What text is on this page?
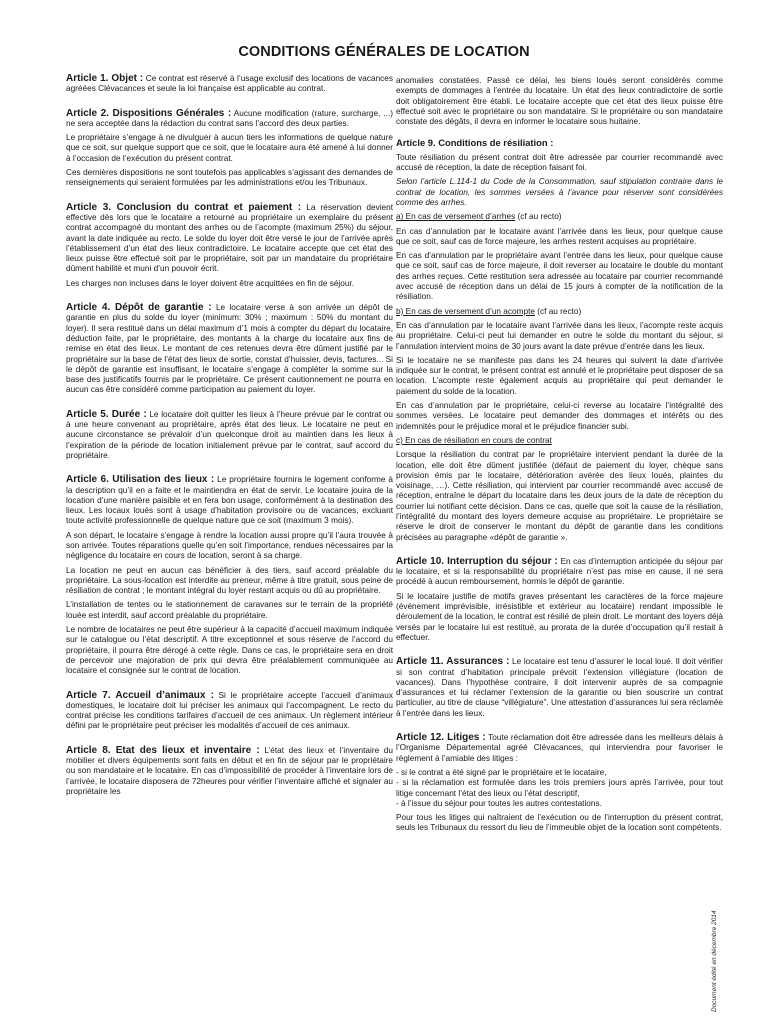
CONDITIONS GÉNÉRALES DE LOCATION

Article 1. Objet : Ce contrat est réservé à l’usage exclusif des locations de vacances agréées Clévacances et seule la loi française est applicable au contrat.

Article 2. Dispositions Générales : Aucune modification (rature, surcharge, ...) ne sera acceptée dans la rédaction du contrat sans l’accord des deux parties.

Le propriétaire s’engage à ne divulguer à aucun tiers les informations de quelque nature que ce soit, sur quelque support que ce soit, que le locataire aura été amené à lui donner à l’occasion de l’exécution du présent contrat.

Ces dernières dispositions ne sont toutefois pas applicables s’agissant des demandes de renseignements qui seraient formulées par les administrations et/ou les Tribunaux.

Article 3. Conclusion du contrat et paiement : La réservation devient effective dès lors que le locataire a retourné au propriétaire un exemplaire du présent contrat accompagné du montant des arrhes ou de l’acompte (maximum 25%) du séjour, avant la date indiquée au recto. Le solde du loyer doit être versé le jour de l’arrivée après l’établissement d’un état des lieux contradictoire. Le locataire accepte que cet état des lieux puisse être effectué soit par le propriétaire, soit par un mandataire du propriétaire dûment habilité et muni d’un pouvoir écrit.

Les charges non incluses dans le loyer doivent être acquittées en fin de séjour.

Article 4. Dépôt de garantie : Le locataire verse à son arrivée un dépôt de garantie en plus du solde du loyer (minimum: 30% ; maximum : 50% du montant du loyer). Il sera restitué dans un délai maximum d’1 mois à compter du départ du locataire, déduction faite, par le propriétaire, des montants à la charge du locataire aux fins de remise en état des lieux. Le montant de ces retenues devra être dûment justifié par le propriétaire sur la base de l’état des lieux de sortie, constat d’huissier, devis, factures... Si le dépôt de garantie est insuffisant, le locataire s’engage à compléter la somme sur la base des justificatifs fournis par le propriétaire. Ce présent cautionnement ne pourra en aucun cas être considéré comme participation au paiement du loyer.

Article 5. Durée : Le locataire doit quitter les lieux à l’heure prévue par le contrat ou à une heure convenant au propriétaire, après état des lieux. Le locataire ne peut en aucune circonstance se prévaloir d’un quelconque droit au maintien dans les lieux à l’expiration de la période de location initialement prévue par le contrat, sauf accord du propriétaire.

Article 6. Utilisation des lieux : Le propriétaire fournira le logement conforme à la description qu’il en a faite et le maintiendra en état de servir. Le locataire jouira de la location d’une manière paisible et en fera bon usage, conformément à la destination des lieux. Les locaux loués sont à usage d’habitation provisoire ou de vacances, excluant toute activité professionnelle de quelque nature que ce soit (maximum 3 mois).

A son départ, le locataire s’engage à rendre la location aussi propre qu’il l’aura trouvée à son arrivée. Toutes réparations quelle qu’en soit l’importance, rendues nécessaires par la négligence du locataire en cours de location, seront à sa charge.

La location ne peut en aucun cas bénéficier à des tiers, sauf accord préalable du propriétaire. La sous-location est interdite au preneur, même à titre gratuit, sous peine de résiliation de contrat ; le montant intégral du loyer restant acquis ou dû au propriétaire.

L’installation de tentes ou le stationnement de caravanes sur le terrain de la propriété louée est interdit, sauf accord préalable du propriétaire.

Le nombre de locataires ne peut être supérieur à la capacité d’accueil maximum indiquée sur le catalogue ou l’état descriptif. A titre exceptionnel et sous réserve de l’accord du propriétaire, il pourra être dérogé à cette règle. Dans ce cas, le propriétaire sera en droit de percevoir une majoration de prix qui devra être préalablement communiquée au locataire et consignée sur le contrat de location.

Article 7. Accueil d’animaux : Si le propriétaire accepte l’accueil d’animaux domestiques, le locataire doit lui préciser les animaux qui l’accompagnent. Le recto du contrat précise les conditions tarifaires d’accueil de ces animaux. Un règlement intérieur défini par le propriétaire peut préciser les modalités d’accueil de ces animaux.

Article 8. Etat des lieux et inventaire : L’état des lieux et l’inventaire du mobilier et divers équipements sont faits en début et en fin de séjour par le propriétaire ou son mandataire et le locataire. En cas d’impossibilité de procéder à l’inventaire lors de l’arrivée, le locataire disposera de 72heures pour vérifier l’inventaire affiché et signaler au propriétaire les

anomalies constatées. Passé ce délai, les biens loués seront considérés comme exempts de dommages à l’entrée du locataire. Un état des lieux contradictoire de sortie doit obligatoirement être établi. Le locataire accepte que cet état des lieux puisse être effectué soit avec le propriétaire ou son mandataire. Si le propriétaire ou son mandataire constate des dégâts, il devra en informer le locataire sous huitaine.

Article 9. Conditions de résiliation :

Toute résiliation du présent contrat doit être adressée par courrier recommandé avec accusé de réception, la date de réception faisant foi.

Selon l’article L.114-1 du Code de la Consommation, sauf stipulation contraire dans le contrat de location, les sommes versées à l’avance pour réserver sont considérées comme des arrhes.

a) En cas de versement d’arrhes (cf au recto)

En cas d’annulation par le locataire avant l’arrivée dans les lieux, pour quelque cause que ce soit, sauf cas de force majeure, les arrhes restent acquises au propriétaire.

En cas d’annulation par le propriétaire avant l’entrée dans les lieux, pour quelque cause que ce soit, sauf cas de force majeure, il doit reverser au locataire le double du montant des arrhes reçues. Cette restitution sera adressée au locataire par courrier recommandé avec accusé de réception dans un délai de 15 jours à compter de la notification de la résiliation.

b) En cas de versement d’un acompte (cf au recto)

En cas d’annulation par le locataire avant l’arrivée dans les lieux, l’acompte reste acquis au propriétaire. Celui-ci peut lui demander en outre le solde du montant du séjour, si l’annulation intervient moins de 30 jours avant la date prévue d’entrée dans les lieux.

Si le locataire ne se manifeste pas dans les 24 heures qui suivent la date d’arrivée indiquée sur le contrat, le présent contrat est annulé et le propriétaire peut disposer de sa location. L’acompte reste également acquis au propriétaire qui peut demander le paiement du solde de la location.

En cas d’annulation par le propriétaire, celui-ci reverse au locataire l’intégralité des sommes versées. Le locataire peut demander des dommages et intérêts ou des indemnités pour le préjudice moral et le préjudice financier subi.

c) En cas de résiliation en cours de contrat

Lorsque la résiliation du contrat par le propriétaire intervient pendant la durée de la location, elle doit être dûment justifiée (défaut de paiement du loyer, chèque sans provision émis par le locataire, détérioration avérée des lieux loués, plaintes du voisinage, …). Cette résiliation, qui intervient par courrier recommandé avec accusé de réception, entraîne le départ du locataire dans les deux jours de la date de réception du courrier lui notifiant cette décision. Dans ce cas, quelle que soit la cause de la résiliation, l’intégralité du montant des loyers demeure acquise au propriétaire. Le propriétaire se réserve le droit de conserver le montant du dépôt de garantie dans les conditions précisées au paragraphe «dépôt de garantie ».

Article 10. Interruption du séjour : En cas d’interruption anticipée du séjour par le locataire, et si la responsabilité du propriétaire n’est pas mise en cause, il ne sera procédé à aucun remboursement, hormis le dépôt de garantie.

Si le locataire justifie de motifs graves présentant les caractères de la force majeure (événement imprévisible, irrésistible et extérieur au locataire) rendant impossible le déroulement de la location, le contrat est résilié de plein droit. Le montant des loyers déjà versés par le locataire lui est restitué, au prorata de la durée d’occupation qu’il restait à effectuer.

Article 11. Assurances : Le locataire est tenu d’assurer le local loué. Il doit vérifier si son contrat d’habitation principale prévoit l’extension villégiature (location de vacances). Dans l’hypothèse contraire, il doit intervenir auprès de sa compagnie d’assurances et lui réclamer l’extension de la garantie ou bien souscrire un contrat particulier, au titre de clause “villégiature”. Une attestation d’assurances lui sera réclamée à l’entrée dans les lieux.

Article 12. Litiges : Toute réclamation doit être adressée dans les meilleurs délais à l’Organisme Départemental agréé Clévacances, qui interviendra pour favoriser le règlement à l’amiable des litiges :

- si le contrat a été signé par le propriétaire et le locataire,
- si la réclamation est formulée dans les trois premiers jours après l’arrivée, pour tout litige concernant l’état des lieux ou l’état descriptif,
- à l’issue du séjour pour toutes les autres contestations.

Pour tous les litiges qui naîtraient de l’exécution ou de l’interruption du présent contrat, seuls les Tribunaux du ressort du lieu de l’immeuble objet de la location sont compétents.

Document édité en décembre 2014
